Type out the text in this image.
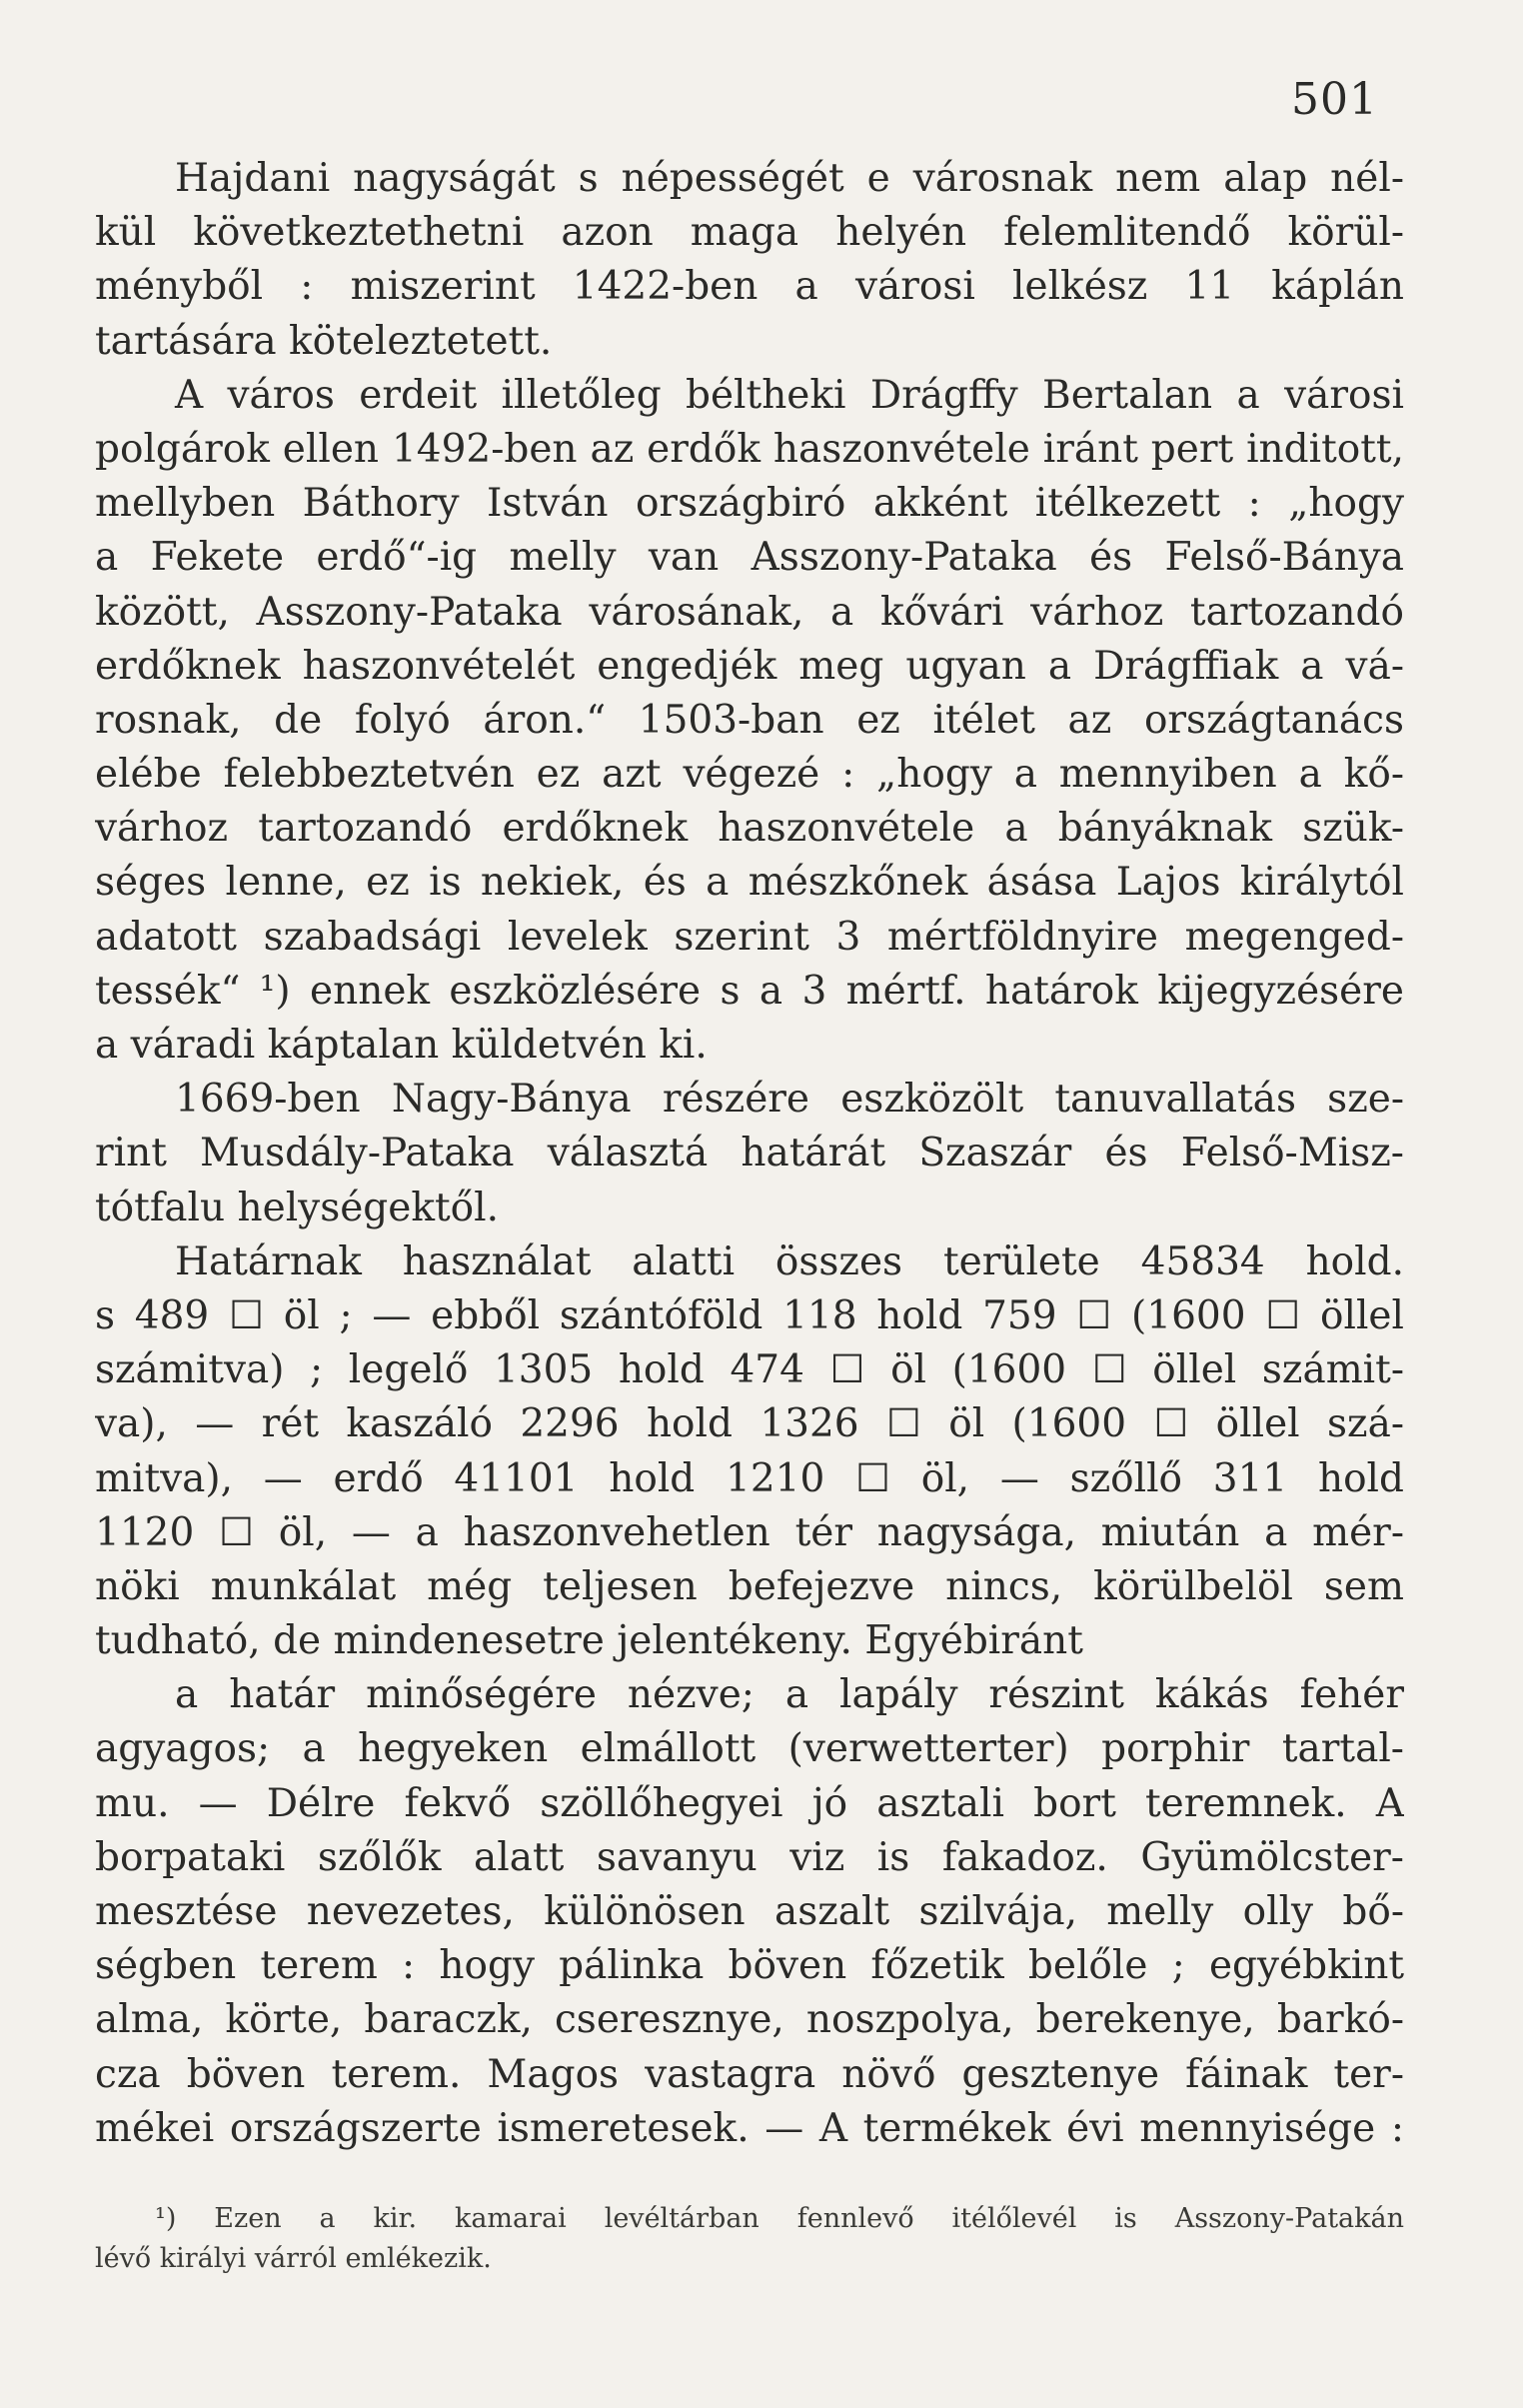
501
Hajdani nagyságát s népességét e városnak nem alap nél-
kül következtethetni azon maga helyén felemlitendő körül-
ményből : miszerint 1422-ben a városi lelkész 11 káplán
tartására köteleztetett.
A város erdeit illetőleg béltheki Drágffy Bertalan a városi
polgárok ellen 1492-ben az erdők haszonvétele iránt pert inditott,
mellyben Báthory István országbiró akként itélkezett : „hogy
a Fekete erdő“-ig melly van Asszony-Pataka és Felső-Bánya
között, Asszony-Pataka városának, a kővári várhoz tartozandó
erdőknek haszonvételét engedjék meg ugyan a Drágffiak a vá-
rosnak, de folyó áron.“ 1503-ban ez itélet az országtanács
elébe felebbeztetvén ez azt végezé : „hogy a mennyiben a kő-
várhoz tartozandó erdőknek haszonvétele a bányáknak szük-
séges lenne, ez is nekiek, és a mészkőnek ásása Lajos királytól
adatott szabadsági levelek szerint 3 mértföldnyire megenged-
tessék“ ¹) ennek eszközlésére s a 3 mértf. határok kijegyzésére
a váradi káptalan küldetvén ki.
1669-ben Nagy-Bánya részére eszközölt tanuvallatás sze-
rint Musdály-Pataka választá határát Szaszár és Felső-Misz-
tótfalu helységektől.
Határnak használat alatti összes területe 45834 hold.
s 489 ☐ öl ; — ebből szántóföld 118 hold 759 ☐ (1600 ☐ öllel
számitva) ; legelő 1305 hold 474 ☐ öl (1600 ☐ öllel számit-
va), — rét kaszáló 2296 hold 1326 ☐ öl (1600 ☐ öllel szá-
mitva), — erdő 41101 hold 1210 ☐ öl, — szőllő 311 hold
1120 ☐ öl, — a haszonvehetlen tér nagysága, miután a mér-
nöki munkálat még teljesen befejezve nincs, körülbelöl sem
tudható, de mindenesetre jelentékeny. Egyébiránt
a határ minőségére nézve; a lapály részint kákás fehér
agyagos; a hegyeken elmállott (verwetterter) porphir tartal-
mu. — Délre fekvő szöllőhegyei jó asztali bort teremnek. A
borpataki szőlők alatt savanyu viz is fakadoz. Gyümölcster-
mesztése nevezetes, különösen aszalt szilvája, melly olly bő-
ségben terem : hogy pálinka böven főzetik belőle ; egyébkint
alma, körte, baraczk, cseresznye, noszpolya, berekenye, barkó-
cza böven terem. Magos vastagra növő gesztenye fáinak ter-
mékei országszerte ismeretesek. — A termékek évi mennyisége :
¹) Ezen a kir. kamarai levéltárban fennlevő itélőlevél is Asszony-Patakán
lévő királyi várról emlékezik.
